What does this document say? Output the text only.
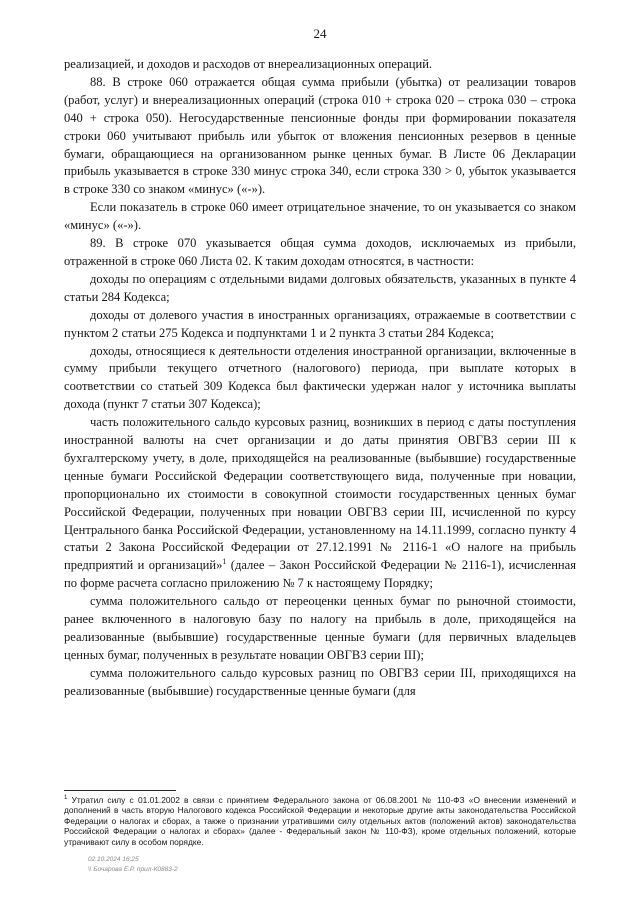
24

реализацией, и доходов и расходов от внереализационных операций.

88. В строке 060 отражается общая сумма прибыли (убытка) от реализации товаров (работ, услуг) и внереализационных операций (строка 010 + строка 020 – строка 030 – строка 040 + строка 050). Негосударственные пенсионные фонды при формировании показателя строки 060 учитывают прибыль или убыток от вложения пенсионных резервов в ценные бумаги, обращающиеся на организованном рынке ценных бумаг. В Листе 06 Декларации прибыль указывается в строке 330 минус строка 340, если строка 330 > 0, убыток указывается в строке 330 со знаком «минус» («-»).

Если показатель в строке 060 имеет отрицательное значение, то он указывается со знаком «минус» («-»).

89. В строке 070 указывается общая сумма доходов, исключаемых из прибыли, отраженной в строке 060 Листа 02. К таким доходам относятся, в частности:

доходы по операциям с отдельными видами долговых обязательств, указанных в пункте 4 статьи 284 Кодекса;

доходы от долевого участия в иностранных организациях, отражаемые в соответствии с пунктом 2 статьи 275 Кодекса и подпунктами 1 и 2 пункта 3 статьи 284 Кодекса;

доходы, относящиеся к деятельности отделения иностранной организации, включенные в сумму прибыли текущего отчетного (налогового) периода, при выплате которых в соответствии со статьей 309 Кодекса был фактически удержан налог у источника выплаты дохода (пункт 7 статьи 307 Кодекса);

часть положительного сальдо курсовых разниц, возникших в период с даты поступления иностранной валюты на счет организации и до даты принятия ОВГВЗ серии III к бухгалтерскому учету, в доле, приходящейся на реализованные (выбывшие) государственные ценные бумаги Российской Федерации соответствующего вида, полученные при новации, пропорционально их стоимости в совокупной стоимости государственных ценных бумаг Российской Федерации, полученных при новации ОВГВЗ серии III, исчисленной по курсу Центрального банка Российской Федерации, установленному на 14.11.1999, согласно пункту 4 статьи 2 Закона Российской Федерации от 27.12.1991 № 2116-1 «О налоге на прибыль предприятий и организаций»$^1$ (далее – Закон Российской Федерации № 2116-1), исчисленная по форме расчета согласно приложению № 7 к настоящему Порядку;

сумма положительного сальдо от переоценки ценных бумаг по рыночной стоимости, ранее включенного в налоговую базу по налогу на прибыль в доле, приходящейся на реализованные (выбывшие) государственные ценные бумаги (для первичных владельцев ценных бумаг, полученных в результате новации ОВГВЗ серии III);

сумма положительного сальдо курсовых разниц по ОВГВЗ серии III, приходящихся на реализованные (выбывшие) государственные ценные бумаги (для

$^1$ Утратил силу с 01.01.2002 в связи с принятием Федерального закона от 06.08.2001 № 110-ФЗ «О внесении изменений и дополнений в часть вторую Налогового кодекса Российской Федерации и некоторые другие акты законодательства Российской Федерации о налогах и сборах, а также о признании утратившими силу отдельных актов (положений актов) законодательства Российской Федерации о налогах и сборах» (далее - Федеральный закон № 110-ФЗ), кроме отдельных положений, которые утрачивают силу в особом порядке.

02.10.2024 16:25
\\ Бочарова Е.Р. прил-К0883-2
